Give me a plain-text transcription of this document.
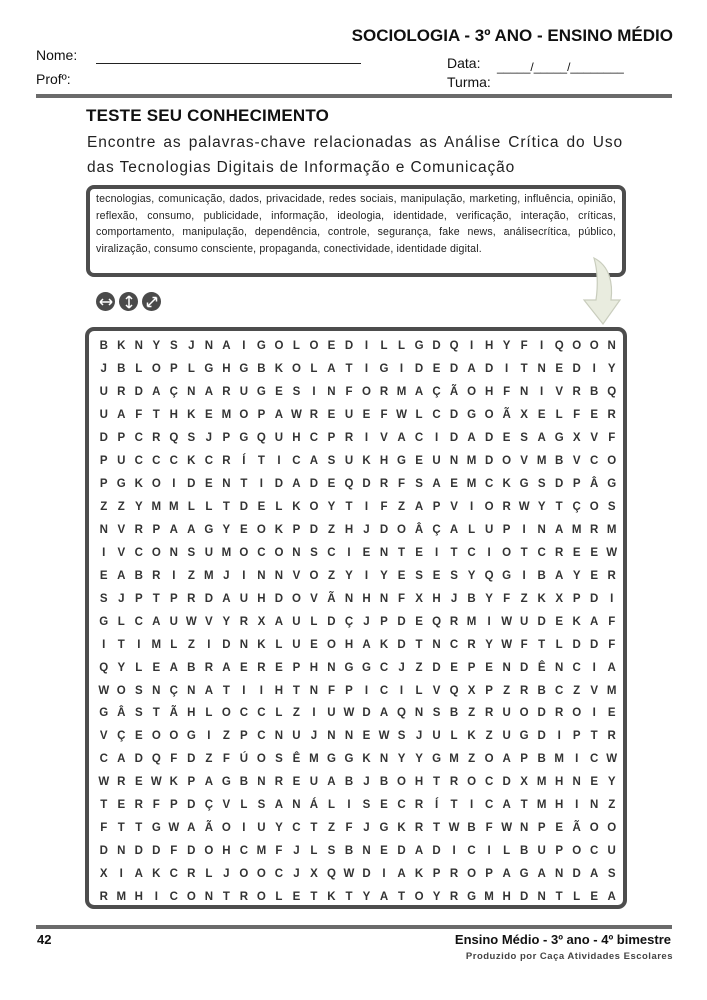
SOCIOLOGIA - 3º ANO - ENSINO MÉDIO
Nome:
Profº:
Data: _____/_____/________
Turma:
TESTE SEU CONHECIMENTO
Encontre as palavras-chave relacionadas as Análise Crítica do Uso das Tecnologias Digitais de Informação e Comunicação
tecnologias, comunicação, dados, privacidade, redes sociais, manipulação, marketing, influência, opinião, reflexão, consumo, publicidade, informação, ideologia, identidade, verificação, interação, críticas, comportamento, manipulação, dependência, controle, segurança, fake news, análisecrítica, público, viralização, consumo consciente, propaganda, conectividade, identidade digital.
B K N Y S J N A	I G O L O E D	I	L L G D Q I	H Y F	I Q O O N
J B L O P L G H G B K O L A T	I G I	D E D A D	I	T N E D	I	Y
U R D A Ç N A R U G E S	I	N F O R M A Ç Ã O H F N	I	V R B Q
U A F T H K E M O P A W R E U E F W L C D G O Ã X E L F E R
D P C R Q S J P G Q U H C P R	I	V A C	I	D A D E S A G X V F
P U C C C K C R	Í	T	I	C A S U K H G E U N M D O V M B V C O
P G K O I	D E N T	I	D A D E Q D R F S A E M C K G S D P Â G
Z Z Y M M L L T D E L K O Y T	I	F Z A P V	I O R W Y T Ç O S
N V R P A A G Y E O K P D Z H J D O Â Ç A L U P	I	N A M R M
I	V C O N S U M O C O N S C	I	E N T E	I	T C	I O T C R E E W
E A B R	I	Z M J	I	N N V O Z Y	I	Y E S E S Y Q G I	B A Y E R
S J P T P R D A U H D O V Ã N H N F X H J B Y F Z K X P D	I
G L C A U W V Y R X A U L D Ç J P D E Q R M I W U D E K A F
I	T	I M L Z	I	D N K L U E O H A K D T N C R Y W F T L D D F
Q Y L E A B R A E R E P H N G G C J Z D E P E N D Ê N C	I	A
W O S N Ç N A T	I	I	H T N F P	I	C	I	L V Q X P Z R B C Z V M
G Â S T Ã H L O C C L Z	I	U W D A Q N S B Z R U O D R O I	E
V Ç E O O G I	Z P C N U J N N E W S J U L K Z U G D	I	P T R
C A D Q F D Z F Ú O S Ê M G G K N Y Y G M Z O A P B M I	C W
W R E W K P A G B N R E U A B J B O H T R O C D X M H N E Y
T E R F P D Ç V L S A N Á L	I	S E C R	Í	T	I	C A T M H	I	N Z
F T T G W A Ã O I	U Y C T Z F J G K R T W B F W N P E Ã O O
D N D D F D O H C M F J L S B N E D A D	I	C	I	L B U P O C U
X	I	A K C R L J O O C J X Q W D	I	A K P R O P A G A N D A S
R M H	I	C O N T R O L E T K T Y A T O Y R G M H D N T L E A
42	Ensino Médio - 3º ano - 4º bimestre
Produzido por Caça Atividades Escolares
